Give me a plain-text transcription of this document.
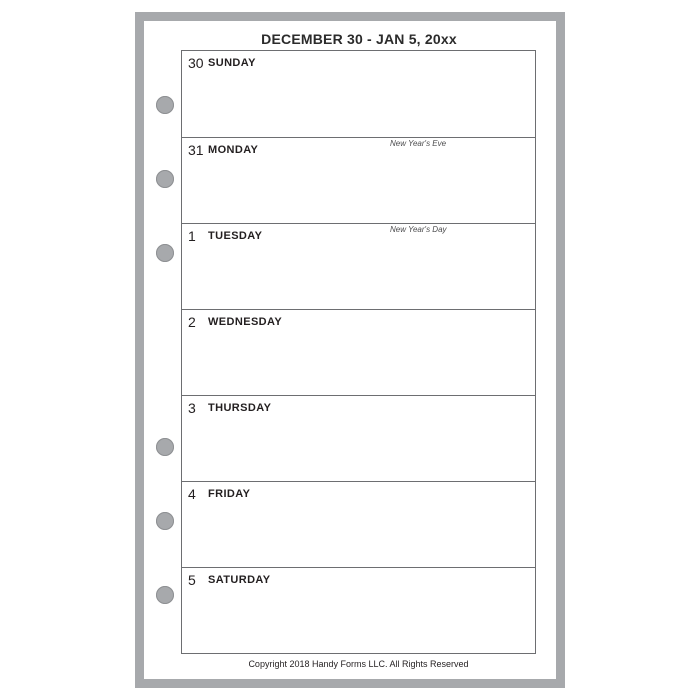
DECEMBER 30 - JAN 5, 20xx
30 SUNDAY
31 MONDAY
New Year's Eve
1 TUESDAY
New Year's Day
2 WEDNESDAY
3 THURSDAY
4 FRIDAY
5 SATURDAY
Copyright 2018 Handy Forms LLC. All Rights Reserved
